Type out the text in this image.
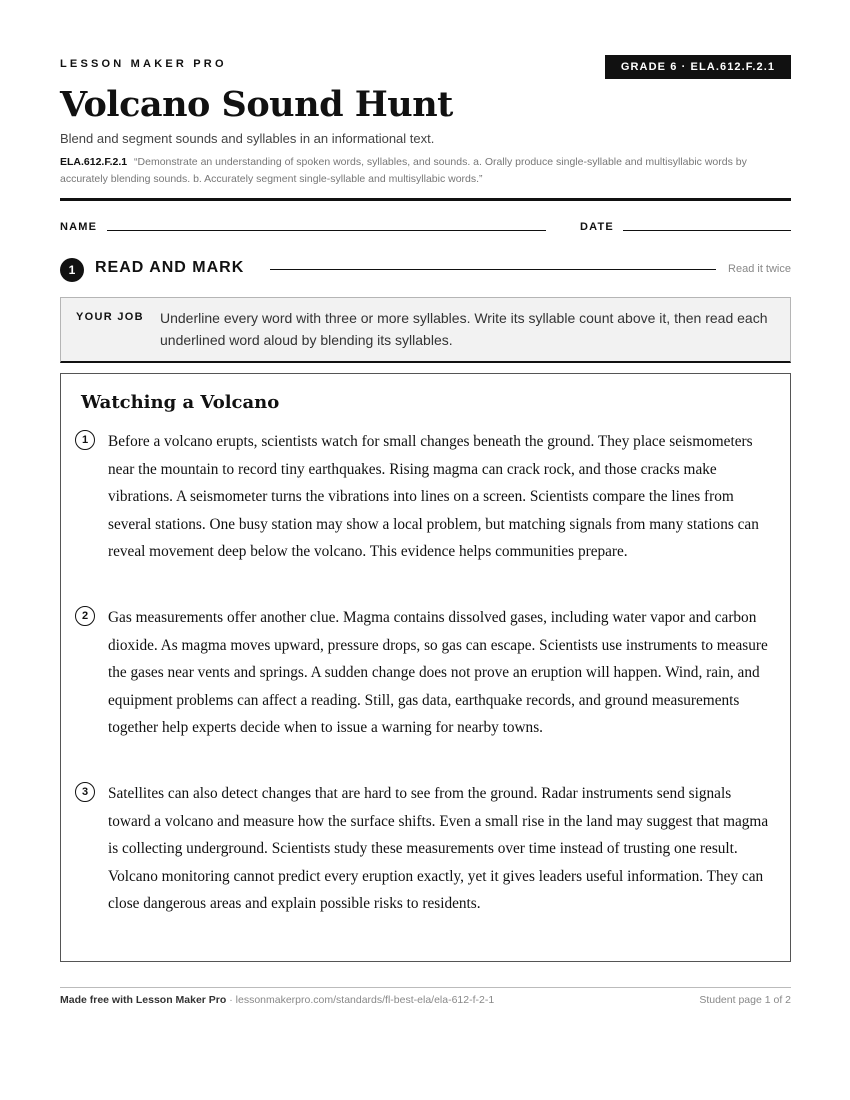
LESSON MAKER PRO	GRADE 6 · ELA.612.F.2.1
Volcano Sound Hunt
Blend and segment sounds and syllables in an informational text.
ELA.612.F.2.1 “Demonstrate an understanding of spoken words, syllables, and sounds. a. Orally produce single-syllable and multisyllabic words by accurately blending sounds. b. Accurately segment single-syllable and multisyllabic words.”
NAME	DATE
1	READ AND MARK	Read it twice
YOUR JOB Underline every word with three or more syllables. Write its syllable count above it, then read each underlined word aloud by blending its syllables.
Watching a Volcano
1	Before a volcano erupts, scientists watch for small changes beneath the ground. They place seismometers near the mountain to record tiny earthquakes. Rising magma can crack rock, and those cracks make vibrations. A seismometer turns the vibrations into lines on a screen. Scientists compare the lines from several stations. One busy station may show a local problem, but matching signals from many stations can reveal movement deep below the volcano. This evidence helps communities prepare.

2	Gas measurements offer another clue. Magma contains dissolved gases, including water vapor and carbon dioxide. As magma moves upward, pressure drops, so gas can escape. Scientists use instruments to measure the gases near vents and springs. A sudden change does not prove an eruption will happen. Wind, rain, and equipment problems can affect a reading. Still, gas data, earthquake records, and ground measurements together help experts decide when to issue a warning for nearby towns.

3	Satellites can also detect changes that are hard to see from the ground. Radar instruments send signals toward a volcano and measure how the surface shifts. Even a small rise in the land may suggest that magma is collecting underground. Scientists study these measurements over time instead of trusting one result. Volcano monitoring cannot predict every eruption exactly, yet it gives leaders useful information. They can close dangerous areas and explain possible risks to residents.

Made free with Lesson Maker Pro · lessonmakerpro.com/standards/fl-best-ela/ela-612-f-2-1	Student page 1 of 2
